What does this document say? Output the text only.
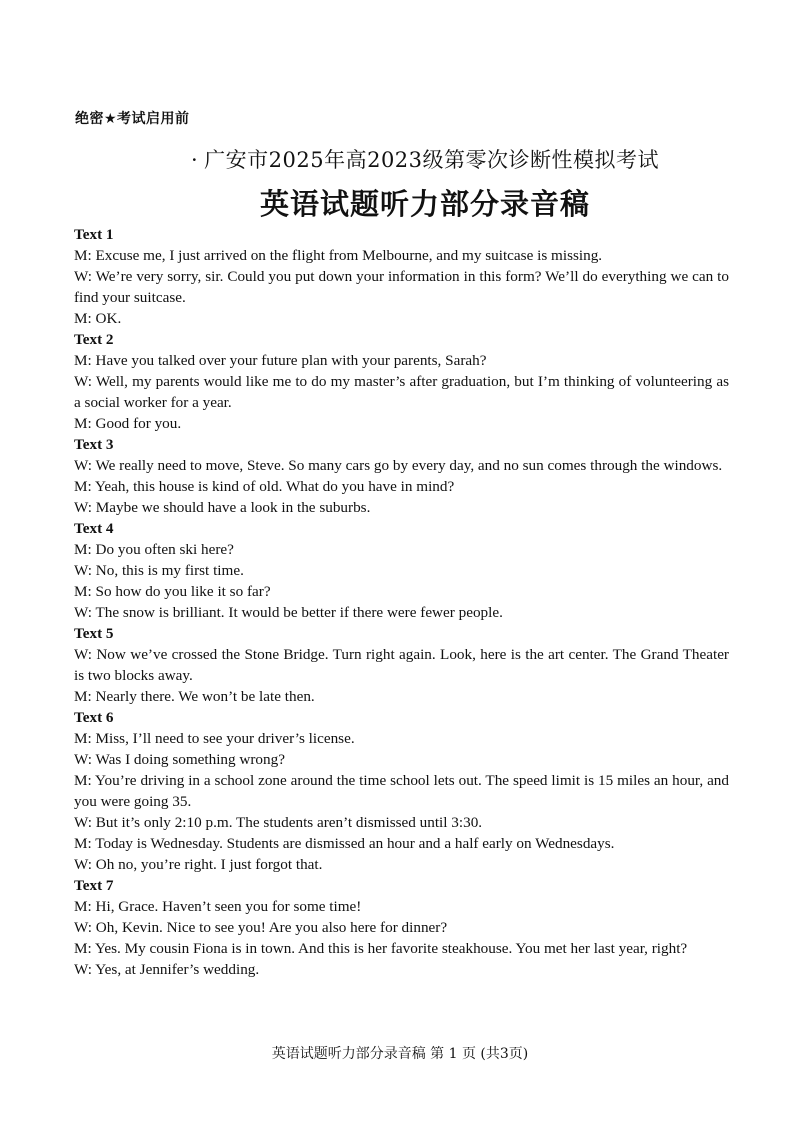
绝密★考试启用前
· 广安市2025年高2023级第零次诊断性模拟考试
英语试题听力部分录音稿
Text 1
M: Excuse me, I just arrived on the flight from Melbourne, and my suitcase is missing.
W: We’re very sorry, sir. Could you put down your information in this form? We’ll do everything we can to find your suitcase.
M: OK.
Text 2
M: Have you talked over your future plan with your parents, Sarah?
W: Well, my parents would like me to do my master’s after graduation, but I’m thinking of volunteering as a social worker for a year.
M: Good for you.
Text 3
W: We really need to move, Steve. So many cars go by every day, and no sun comes through the windows.
M: Yeah, this house is kind of old. What do you have in mind?
W: Maybe we should have a look in the suburbs.
Text 4
M: Do you often ski here?
W: No, this is my first time.
M: So how do you like it so far?
W: The snow is brilliant. It would be better if there were fewer people.
Text 5
W: Now we’ve crossed the Stone Bridge. Turn right again. Look, here is the art center. The Grand Theater is two blocks away.
M: Nearly there. We won’t be late then.
Text 6
M: Miss, I’ll need to see your driver’s license.
W: Was I doing something wrong?
M: You’re driving in a school zone around the time school lets out. The speed limit is 15 miles an hour, and you were going 35.
W: But it’s only 2:10 p.m. The students aren’t dismissed until 3:30.
M: Today is Wednesday. Students are dismissed an hour and a half early on Wednesdays.
W: Oh no, you’re right. I just forgot that.
Text 7
M: Hi, Grace. Haven’t seen you for some time!
W: Oh, Kevin. Nice to see you! Are you also here for dinner?
M: Yes. My cousin Fiona is in town. And this is her favorite steakhouse. You met her last year, right?
W: Yes, at Jennifer’s wedding.
英语试题听力部分录音稿 第 1 页 (共3页)
